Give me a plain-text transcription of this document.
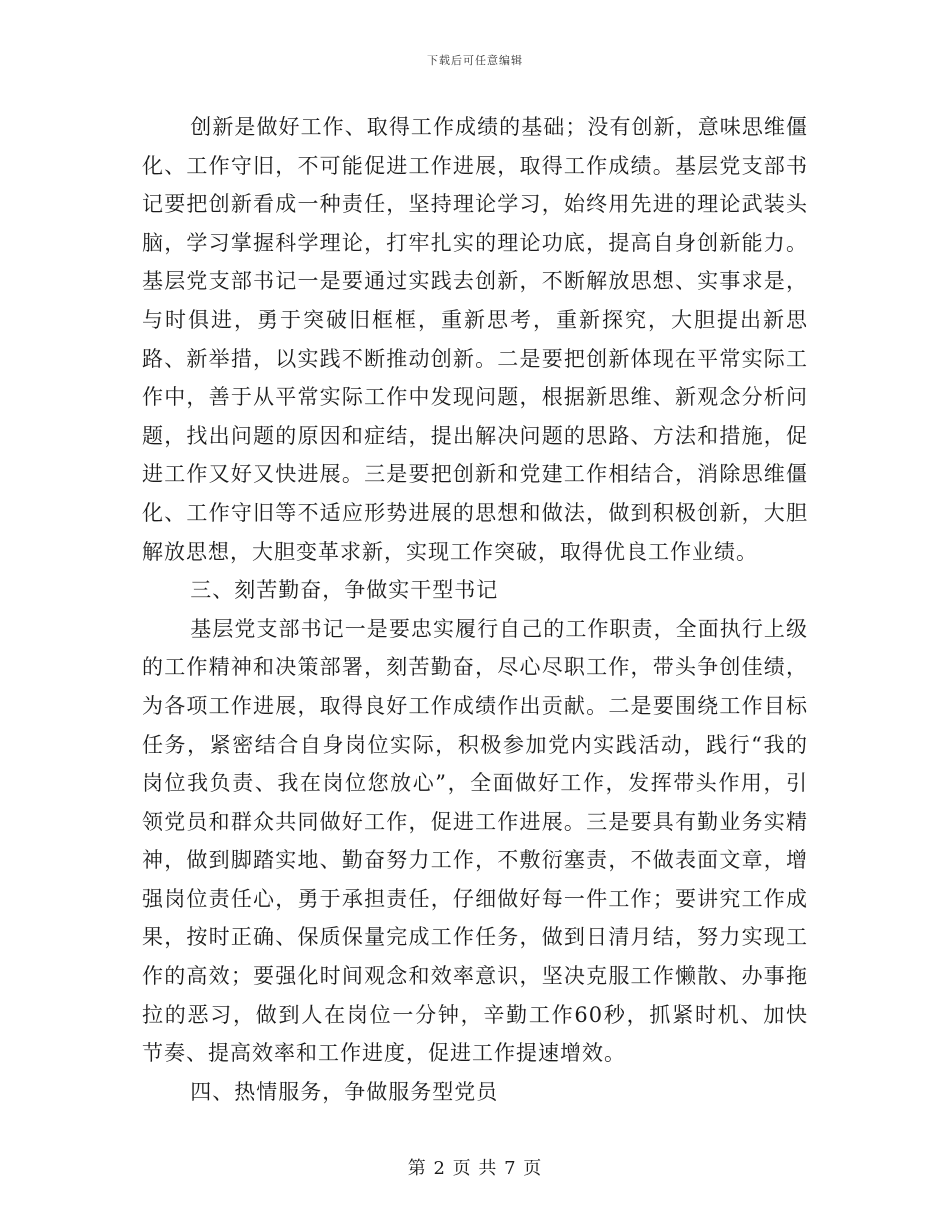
下载后可任意编辑

创新是做好工作、取得工作成绩的基础；没有创新，意味思维僵化、工作守旧，不可能促进工作进展，取得工作成绩。基层党支部书记要把创新看成一种责任，坚持理论学习，始终用先进的理论武装头脑，学习掌握科学理论，打牢扎实的理论功底，提高自身创新能力。基层党支部书记一是要通过实践去创新，不断解放思想、实事求是，与时俱进，勇于突破旧框框，重新思考，重新探究，大胆提出新思路、新举措，以实践不断推动创新。二是要把创新体现在平常实际工作中，善于从平常实际工作中发现问题，根据新思维、新观念分析问题，找出问题的原因和症结，提出解决问题的思路、方法和措施，促进工作又好又快进展。三是要把创新和党建工作相结合，消除思维僵化、工作守旧等不适应形势进展的思想和做法，做到积极创新，大胆解放思想，大胆变革求新，实现工作突破，取得优良工作业绩。

三、刻苦勤奋，争做实干型书记

基层党支部书记一是要忠实履行自己的工作职责，全面执行上级的工作精神和决策部署，刻苦勤奋，尽心尽职工作，带头争创佳绩，为各项工作进展，取得良好工作成绩作出贡献。二是要围绕工作目标任务，紧密结合自身岗位实际，积极参加党内实践活动，践行“我的岗位我负责、我在岗位您放心”，全面做好工作，发挥带头作用，引领党员和群众共同做好工作，促进工作进展。三是要具有勤业务实精神，做到脚踏实地、勤奋努力工作，不敷衍塞责，不做表面文章，增强岗位责任心，勇于承担责任，仔细做好每一件工作；要讲究工作成果，按时正确、保质保量完成工作任务，做到日清月结，努力实现工作的高效；要强化时间观念和效率意识，坚决克服工作懒散、办事拖拉的恶习，做到人在岗位一分钟，辛勤工作60秒，抓紧时机、加快节奏、提高效率和工作进度，促进工作提速增效。

四、热情服务，争做服务型党员

第 2 页 共 7 页
